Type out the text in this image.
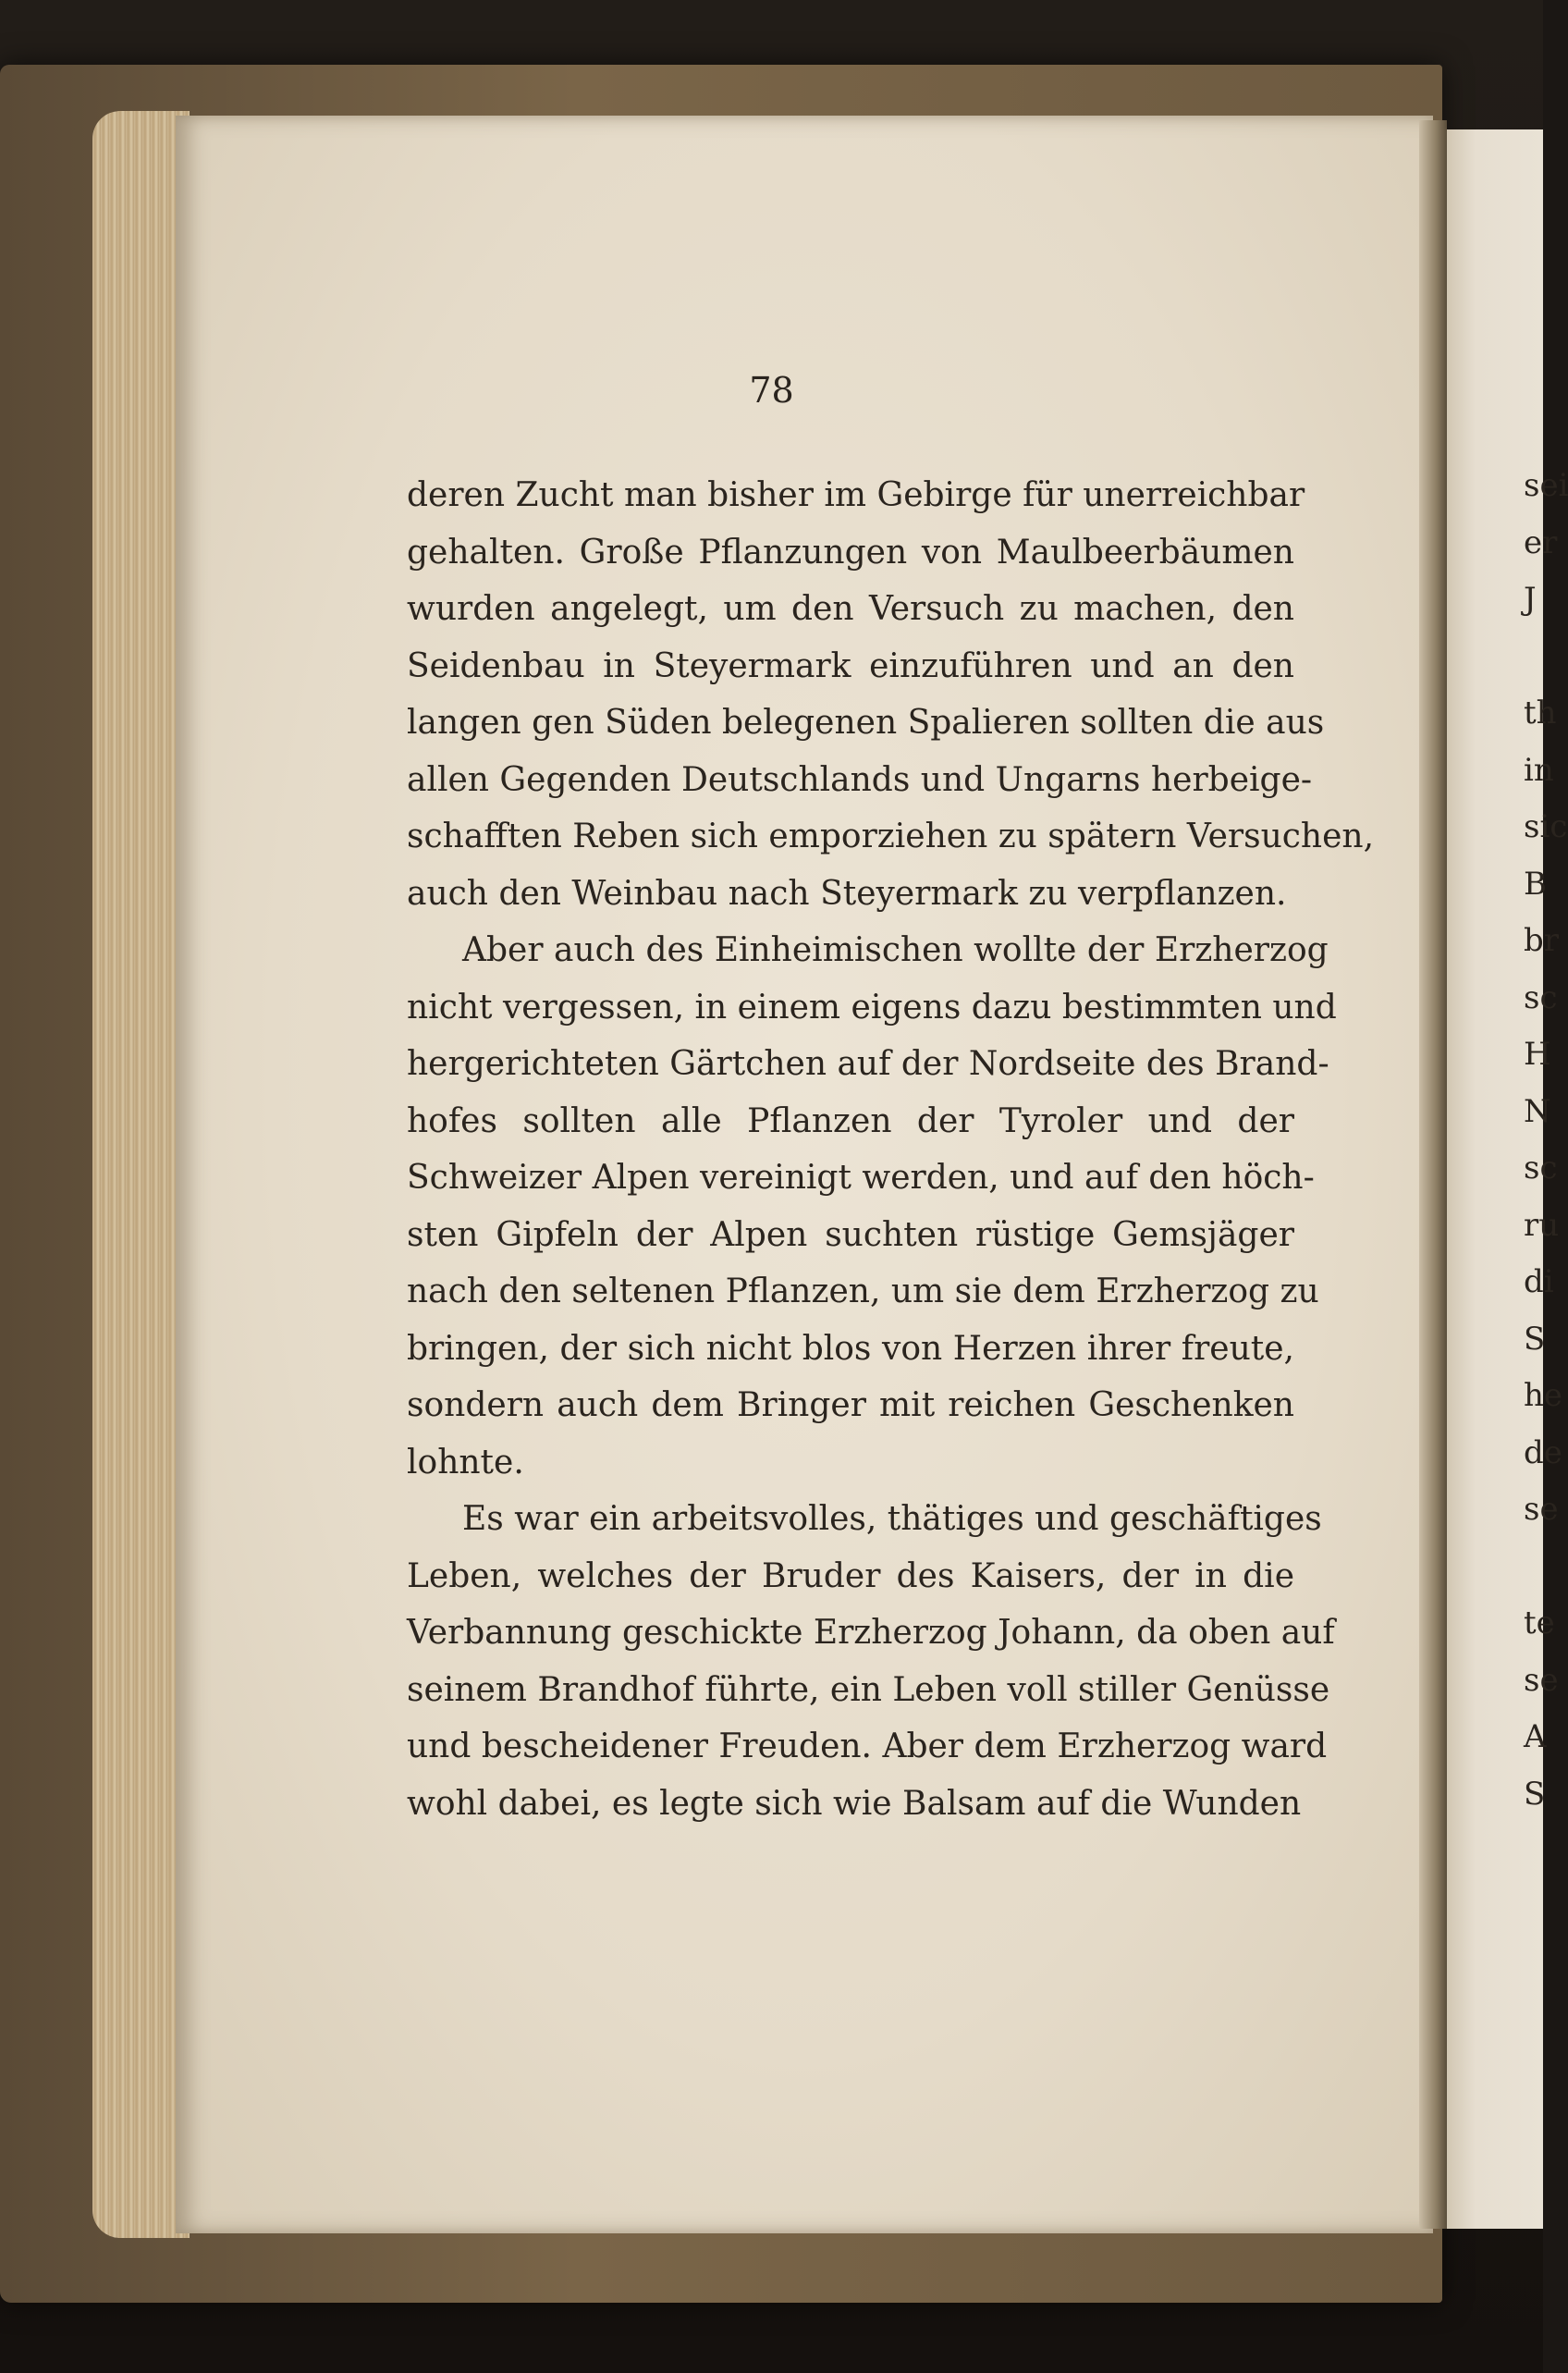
sei
er
J
th
in
sic
B
br
sc
H
N
sc
ru
di
S
he
de
se
te
se
A
S
78
deren Zucht man bisher im Gebirge für unerreichbar
gehalten. Große Pflanzungen von Maulbeerbäumen
wurden angelegt, um den Versuch zu machen, den
Seidenbau in Steyermark einzuführen und an den
langen gen Süden belegenen Spalieren sollten die aus
allen Gegenden Deutschlands und Ungarns herbeige-
schafften Reben sich emporziehen zu spätern Versuchen,
auch den Weinbau nach Steyermark zu verpflanzen.
Aber auch des Einheimischen wollte der Erzherzog
nicht vergessen, in einem eigens dazu bestimmten und
hergerichteten Gärtchen auf der Nordseite des Brand-
hofes sollten alle Pflanzen der Tyroler und der
Schweizer Alpen vereinigt werden, und auf den höch-
sten Gipfeln der Alpen suchten rüstige Gemsjäger
nach den seltenen Pflanzen, um sie dem Erzherzog zu
bringen, der sich nicht blos von Herzen ihrer freute,
sondern auch dem Bringer mit reichen Geschenken
lohnte.
Es war ein arbeitsvolles, thätiges und geschäftiges
Leben, welches der Bruder des Kaisers, der in die
Verbannung geschickte Erzherzog Johann, da oben auf
seinem Brandhof führte, ein Leben voll stiller Genüsse
und bescheidener Freuden. Aber dem Erzherzog ward
wohl dabei, es legte sich wie Balsam auf die Wunden
